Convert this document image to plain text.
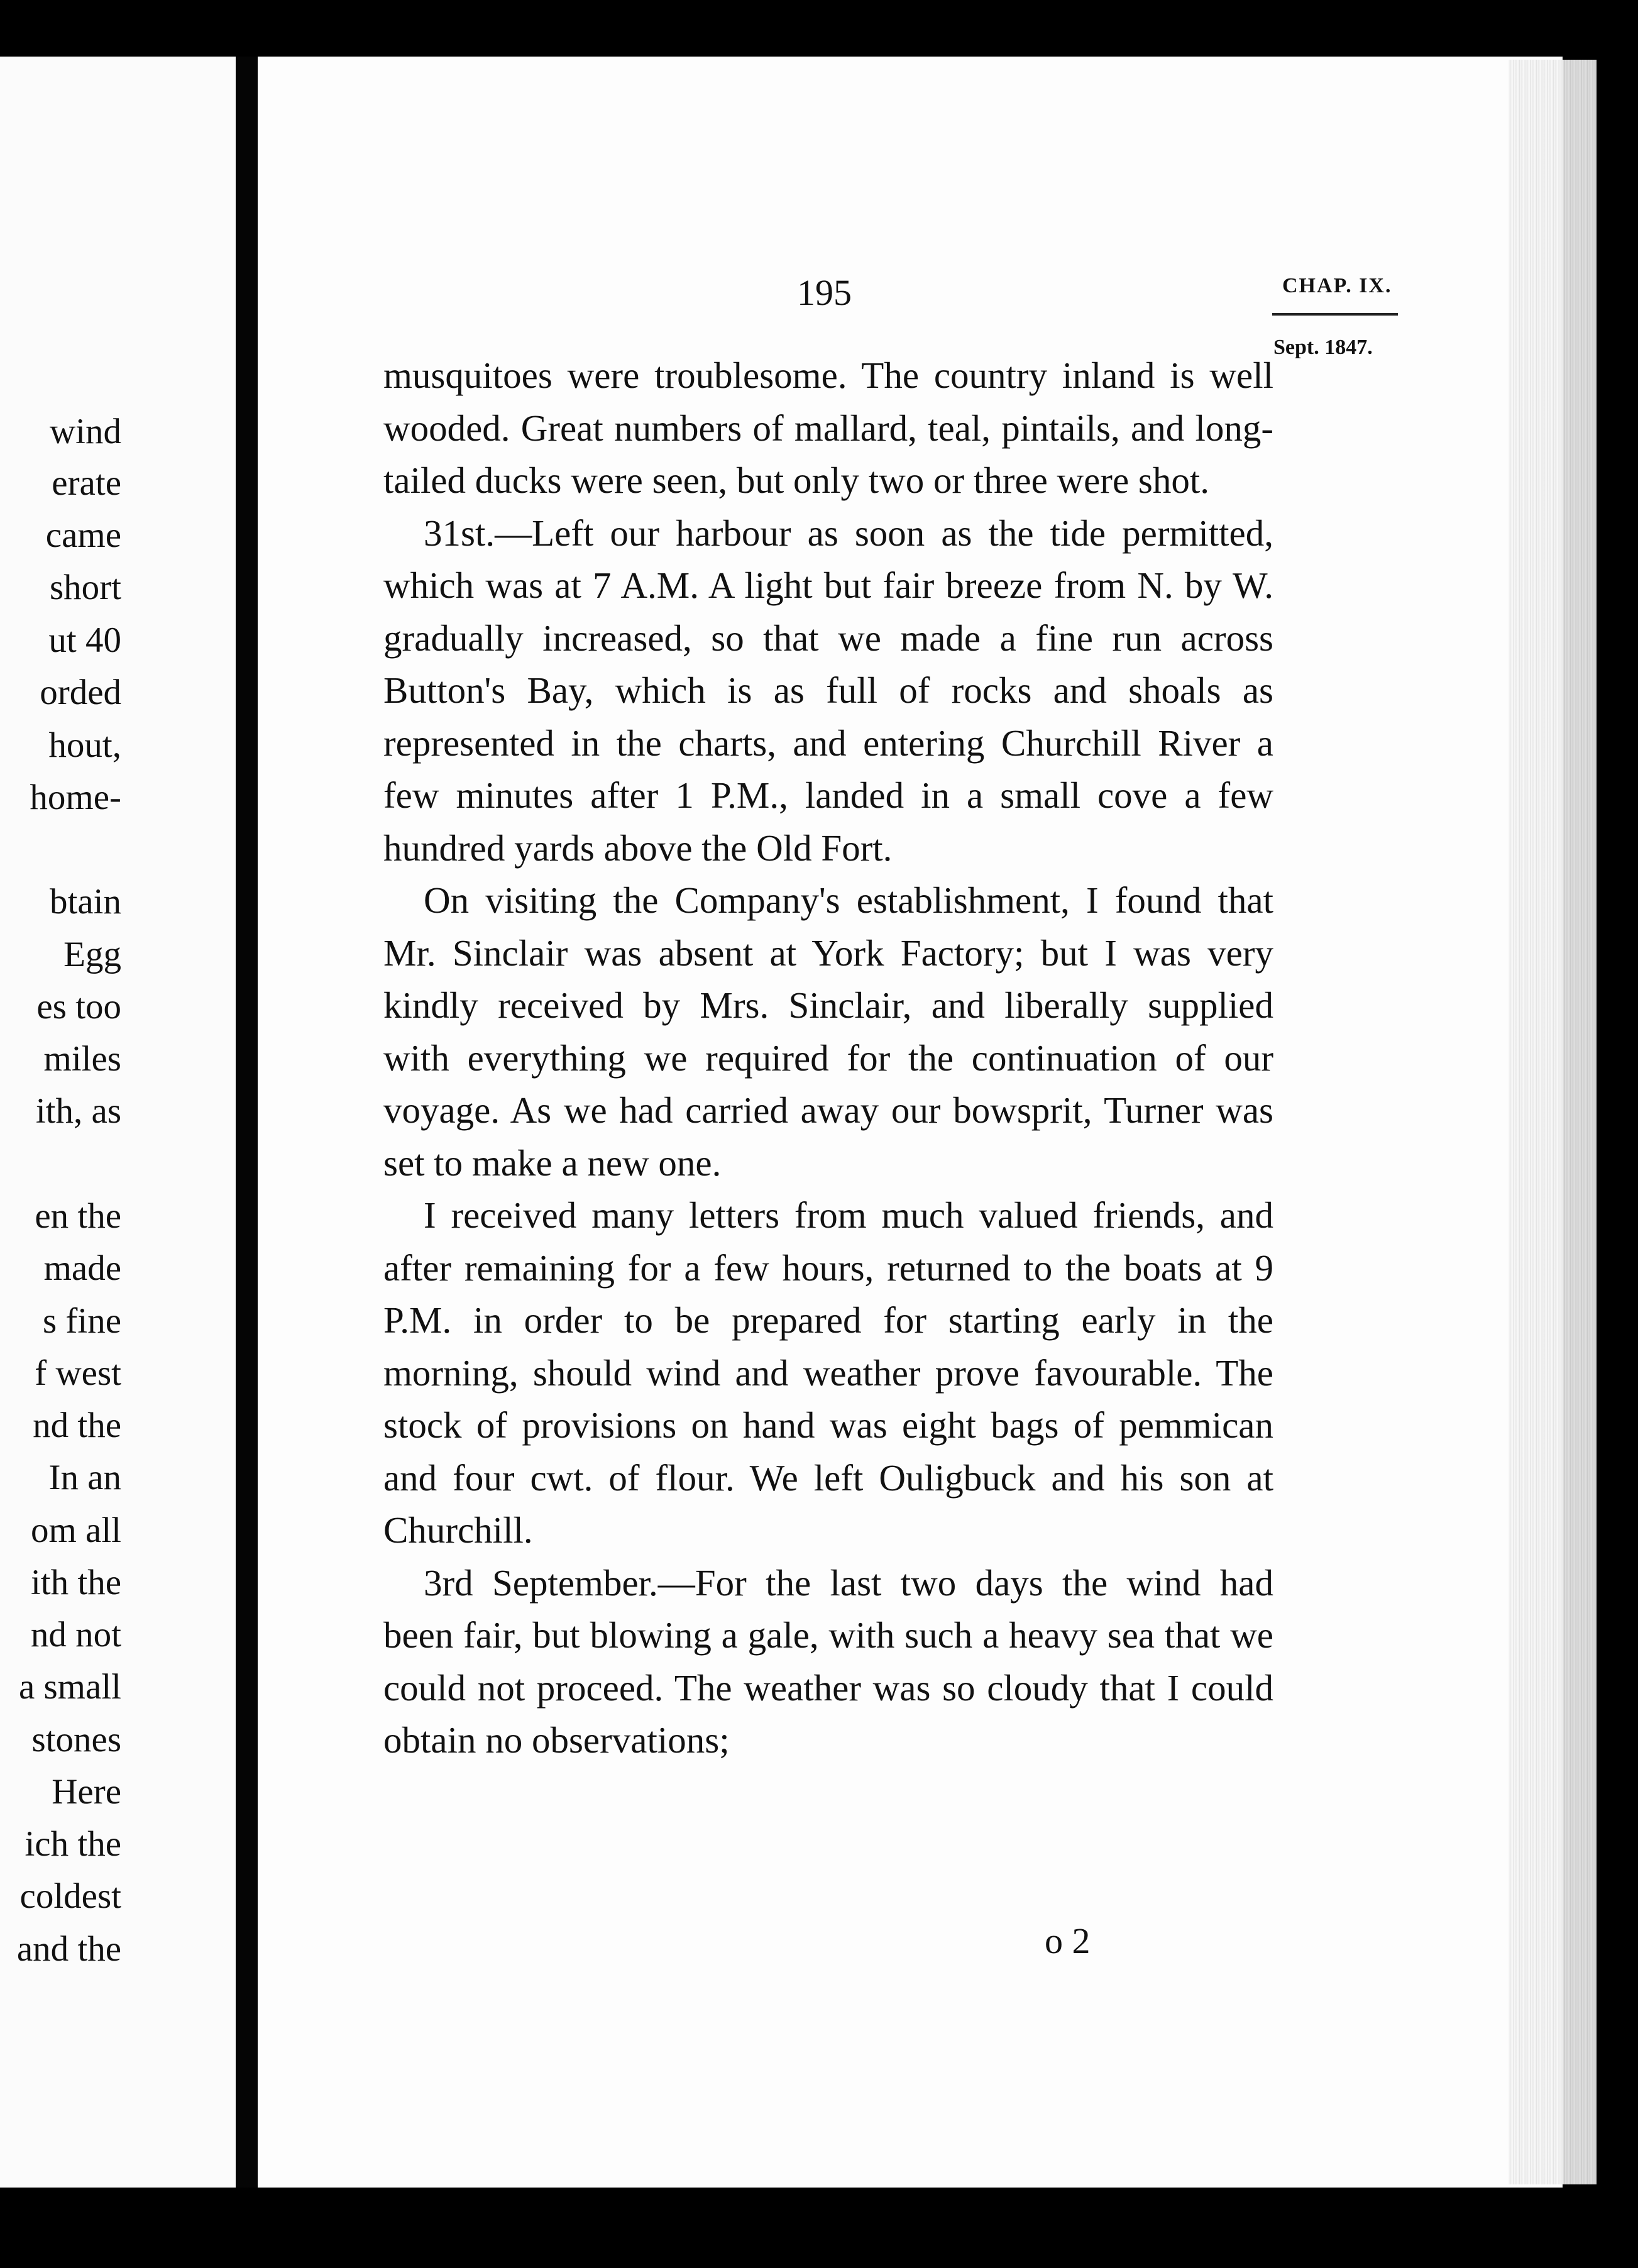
wind
erate
came
short
ut 40
orded
hout,
home-
btain
Egg
es too
miles
ith, as
en the
made
s fine
f west
nd the
In an
om all
ith the
nd not
a small
stones
Here
ich the
coldest
and the
195	CHAP. IX.
Sept. 1847.

musquitoes were troublesome. The country inland is well wooded. Great numbers of mallard, teal, pintails, and long-tailed ducks were seen, but only two or three were shot.

31st.—Left our harbour as soon as the tide permitted, which was at 7 A.M. A light but fair breeze from N. by W. gradually increased, so that we made a fine run across Button's Bay, which is as full of rocks and shoals as represented in the charts, and entering Churchill River a few minutes after 1 P.M., landed in a small cove a few hundred yards above the Old Fort.

On visiting the Company's establishment, I found that Mr. Sinclair was absent at York Factory; but I was very kindly received by Mrs. Sinclair, and liberally supplied with everything we required for the continuation of our voyage. As we had carried away our bowsprit, Turner was set to make a new one.

I received many letters from much valued friends, and after remaining for a few hours, returned to the boats at 9 P.M. in order to be prepared for starting early in the morning, should wind and weather prove favourable. The stock of provisions on hand was eight bags of pemmican and four cwt. of flour. We left Ouligbuck and his son at Churchill.

3rd September.—For the last two days the wind had been fair, but blowing a gale, with such a heavy sea that we could not proceed. The weather was so cloudy that I could obtain no observations;

o 2
